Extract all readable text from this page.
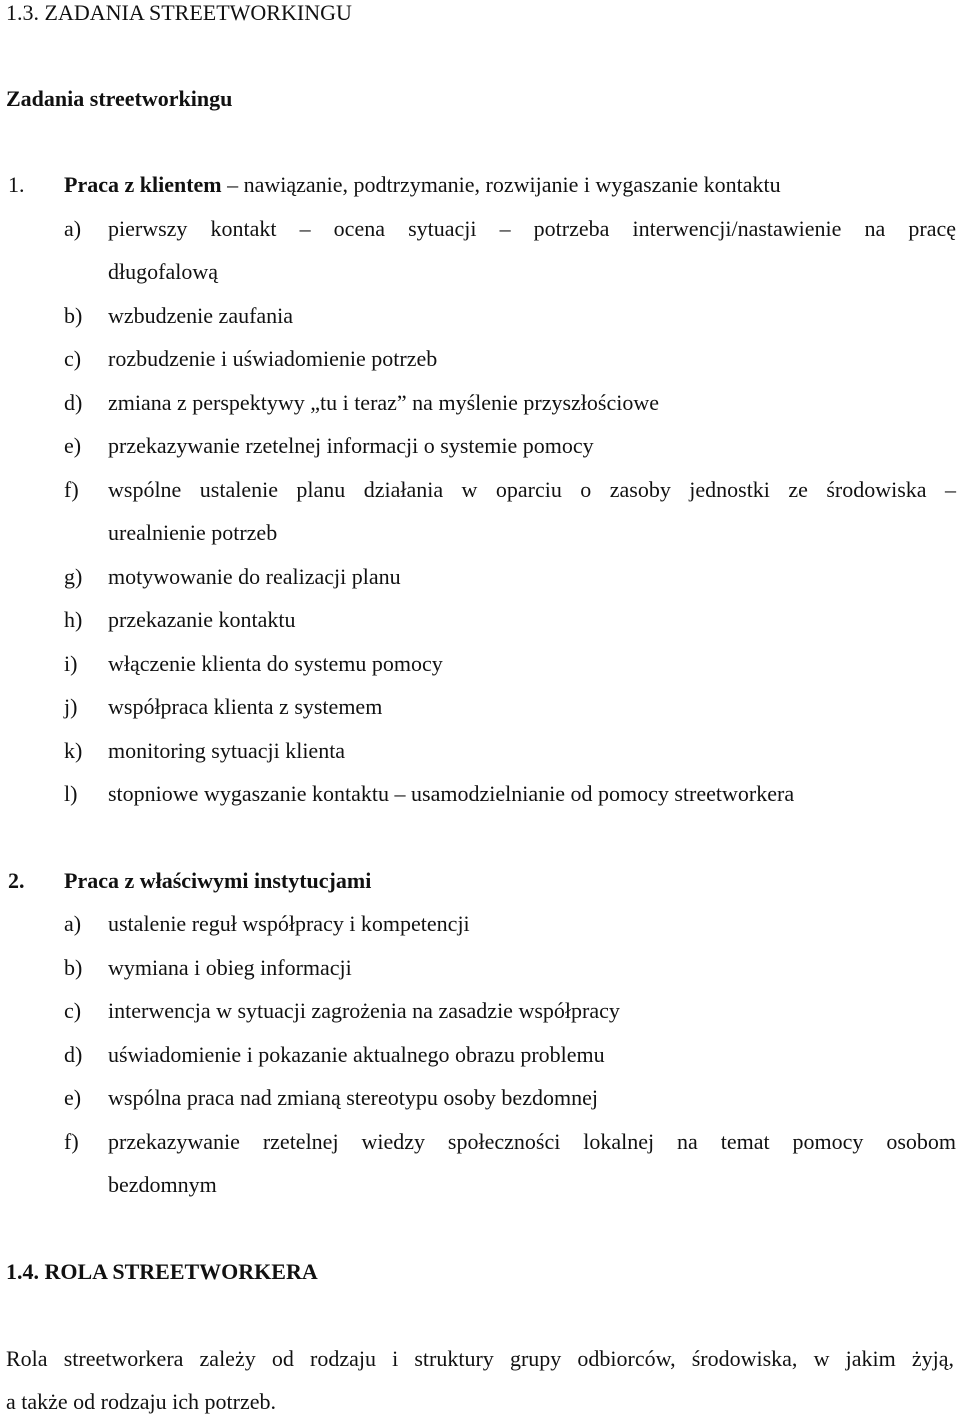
1.3. ZADANIA STREETWORKINGU
Zadania streetworkingu
1. Praca z klientem – nawiązanie, podtrzymanie, rozwijanie i wygaszanie kontaktu
a) pierwszy kontakt – ocena sytuacji – potrzeba interwencji/nastawienie na pracę
długofalową
b) wzbudzenie zaufania
c) rozbudzenie i uświadomienie potrzeb
d) zmiana z perspektywy „tu i teraz” na myślenie przyszłościowe
e) przekazywanie rzetelnej informacji o systemie pomocy
f) wspólne ustalenie planu działania w oparciu o zasoby jednostki ze środowiska –
urealnienie potrzeb
g) motywowanie do realizacji planu
h) przekazanie kontaktu
i) włączenie klienta do systemu pomocy
j) współpraca klienta z systemem
k) monitoring sytuacji klienta
l) stopniowe wygaszanie kontaktu – usamodzielnianie od pomocy streetworkera
2. Praca z właściwymi instytucjami
a) ustalenie reguł współpracy i kompetencji
b) wymiana i obieg informacji
c) interwencja w sytuacji zagrożenia na zasadzie współpracy
d) uświadomienie i pokazanie aktualnego obrazu problemu
e) wspólna praca nad zmianą stereotypu osoby bezdomnej
f) przekazywanie rzetelnej wiedzy społeczności lokalnej na temat pomocy osobom
bezdomnym
1.4. ROLA STREETWORKERA
Rola streetworkera zależy od rodzaju i struktury grupy odbiorców, środowiska, w jakim żyją,
a także od rodzaju ich potrzeb.
